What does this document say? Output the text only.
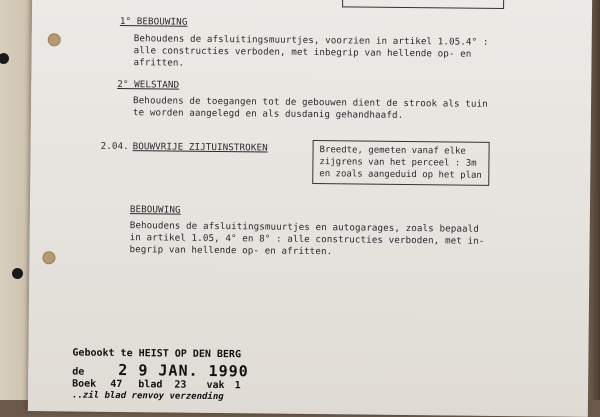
1° BEBOUWING
Behoudens de afsluitingsmuurtjes, voorzien in artikel 1.05.4° :
alle constructies verboden, met inbegrip van hellende op- en
afritten.
2° WELSTAND
Behoudens de toegangen tot de gebouwen dient de strook als tuin
te worden aangelegd en als dusdanig gehandhaafd.
2.04. BOUWVRIJE ZIJTUINSTROKEN	Breedte, gemeten vanaf elke
zijgrens van het perceel : 3m
en zoals aangeduid op het plan
BEBOUWING
Behoudens de afsluitingsmuurtjes en autogarages, zoals bepaald
in artikel 1.05, 4° en 8° : alle constructies verboden, met in-
begrip van hellende op- en afritten.
Gebookt te HEIST OP DEN BERG
de 2 9 JAN. 1990
Boek 47 blad 23 vak 1
..zil blad renvoy verzending
